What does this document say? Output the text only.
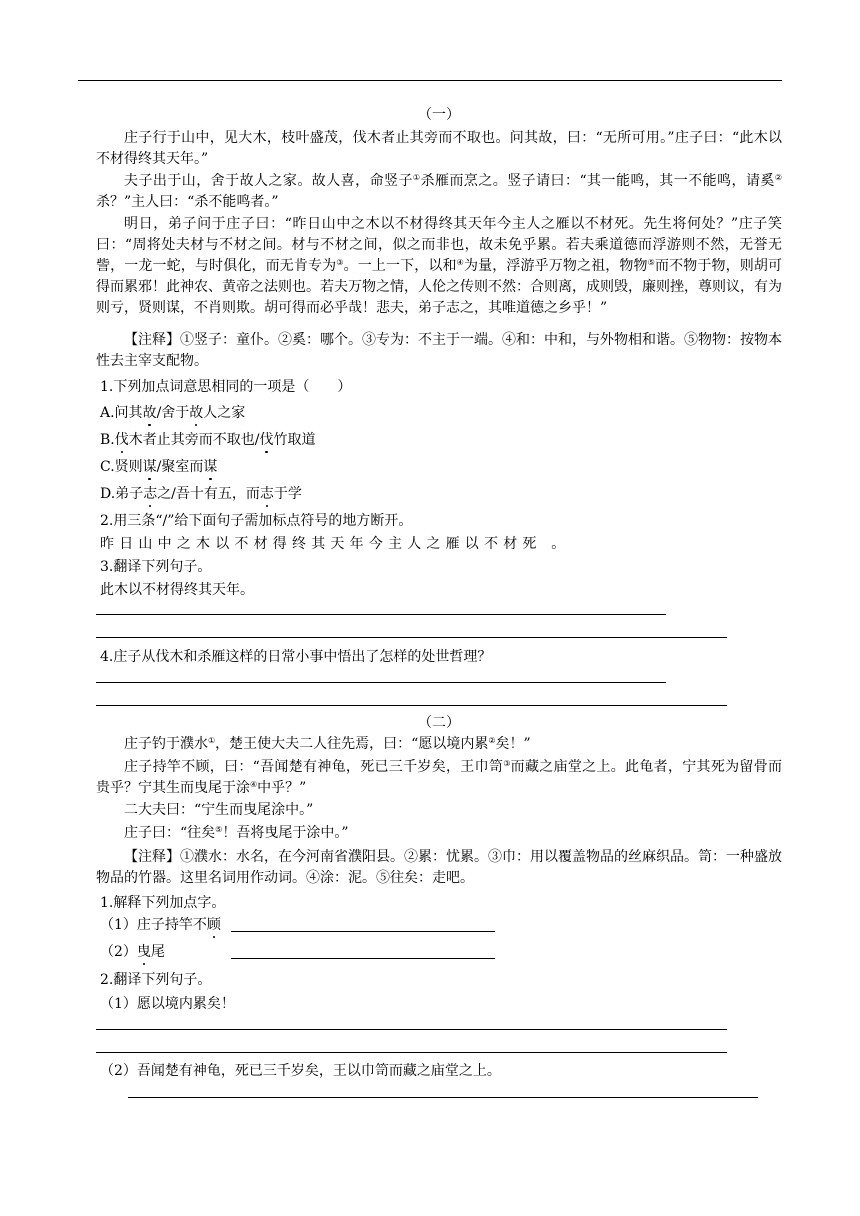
（一）
庄子行于山中，见大木，枝叶盛茂，伐木者止其旁而不取也。问其故，曰：“无所可用。”庄子曰：“此木以不材得终其天年。”
夫子出于山，舍于故人之家。故人喜，命竖子①杀雁而烹之。竖子请曰：“其一能鸣，其一不能鸣，请奚②杀？”主人曰：“杀不能鸣者。”
明日，弟子问于庄子曰：“昨日山中之木以不材得终其天年今主人之雁以不材死。先生将何处？”庄子笑曰：“周将处夫材与不材之间。材与不材之间，似之而非也，故未免乎累。若夫乘道德而浮游则不然，无誉无訾，一龙一蛇，与时俱化，而无肯专为③。一上一下，以和④为量，浮游乎万物之祖，物物⑤而不物于物，则胡可得而累邪！此神农、黄帝之法则也。若夫万物之情，人伦之传则不然：合则离，成则毁，廉则挫，尊则议，有为则亏，贤则谋，不肖则欺。胡可得而必乎哉！悲夫，弟子志之，其唯道德之乡乎！”
【注释】①竖子：童仆。②奚：哪个。③专为：不主于一端。④和：中和，与外物相和谐。⑤物物：按物本性去主宰支配物。
1.下列加点词意思相同的一项是（　　）
A.问其故/舍于故人之家
B.伐木者止其旁而不取也/伐竹取道
C.贤则谋/聚室而谋
D.弟子志之/吾十有五，而志于学
2.用三条“/”给下面句子需加标点符号的地方断开。
昨日山中之木以不材得终其天年今主人之雁以不材死 。
3.翻译下列句子。
此木以不材得终其天年。
4.庄子从伐木和杀雁这样的日常小事中悟出了怎样的处世哲理？
（二）
庄子钓于濮水①，楚王使大夫二人往先焉，曰：“愿以境内累②矣！”
庄子持竿不顾，曰：“吾闻楚有神龟，死已三千岁矣，王巾笥③而藏之庙堂之上。此龟者，宁其死为留骨而贵乎？宁其生而曳尾于涂④中乎？”
二大夫曰：“宁生而曳尾涂中。”
庄子曰：“往矣⑤！吾将曳尾于涂中。”
【注释】①濮水：水名，在今河南省濮阳县。②累：忧累。③巾：用以覆盖物品的丝麻织品。笥：一种盛放物品的竹器。这里名词用作动词。④涂：泥。⑤往矣：走吧。
1.解释下列加点字。
（1）庄子持竿不顾
（2）曳尾
2.翻译下列句子。
（1）愿以境内累矣！
（2）吾闻楚有神龟，死已三千岁矣，王以巾笥而藏之庙堂之上。
